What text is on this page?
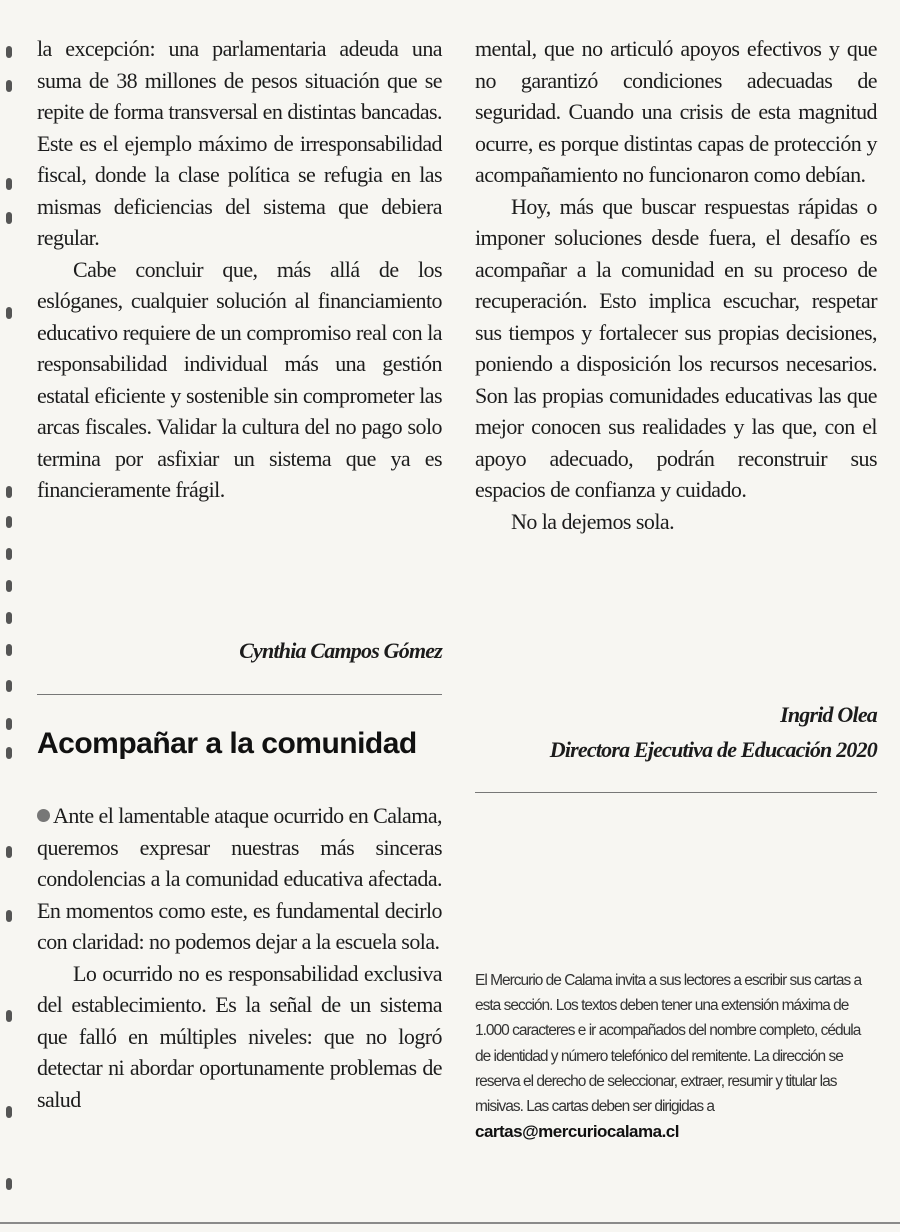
la excepción: una parlamentaria adeuda una suma de 38 millones de pesos situación que se repite de forma transversal en distintas bancadas. Este es el ejemplo máximo de irresponsabilidad fiscal, donde la clase política se refugia en las mismas deficiencias del sistema que debiera regular.

Cabe concluir que, más allá de los eslóganes, cualquier solución al financiamiento educativo requiere de un compromiso real con la responsabilidad individual más una gestión estatal eficiente y sostenible sin comprometer las arcas fiscales. Validar la cultura del no pago solo termina por asfixiar un sistema que ya es financieramente frágil.

Cynthia Campos Gómez

Acompañar a la comunidad

Ante el lamentable ataque ocurrido en Calama, queremos expresar nuestras más sinceras condolencias a la comunidad educativa afectada. En momentos como este, es fundamental decirlo con claridad: no podemos dejar a la escuela sola.

Lo ocurrido no es responsabilidad exclusiva del establecimiento. Es la señal de un sistema que falló en múltiples niveles: que no logró detectar ni abordar oportunamente problemas de salud

mental, que no articuló apoyos efectivos y que no garantizó condiciones adecuadas de seguridad. Cuando una crisis de esta magnitud ocurre, es porque distintas capas de protección y acompañamiento no funcionaron como debían.

Hoy, más que buscar respuestas rápidas o imponer soluciones desde fuera, el desafío es acompañar a la comunidad en su proceso de recuperación. Esto implica escuchar, respetar sus tiempos y fortalecer sus propias decisiones, poniendo a disposición los recursos necesarios. Son las propias comunidades educativas las que mejor conocen sus realidades y las que, con el apoyo adecuado, podrán reconstruir sus espacios de confianza y cuidado.

No la dejemos sola.

Ingrid Olea

Directora Ejecutiva de Educación 2020

El Mercurio de Calama invita a sus lectores a escribir sus cartas a esta sección. Los textos deben tener una extensión máxima de 1.000 caracteres e ir acompañados del nombre completo, cédula de identidad y número telefónico del remitente. La dirección se reserva el derecho de seleccionar, extraer, resumir y titular las misivas. Las cartas deben ser dirigidas a cartas@mercuriocalama.cl
